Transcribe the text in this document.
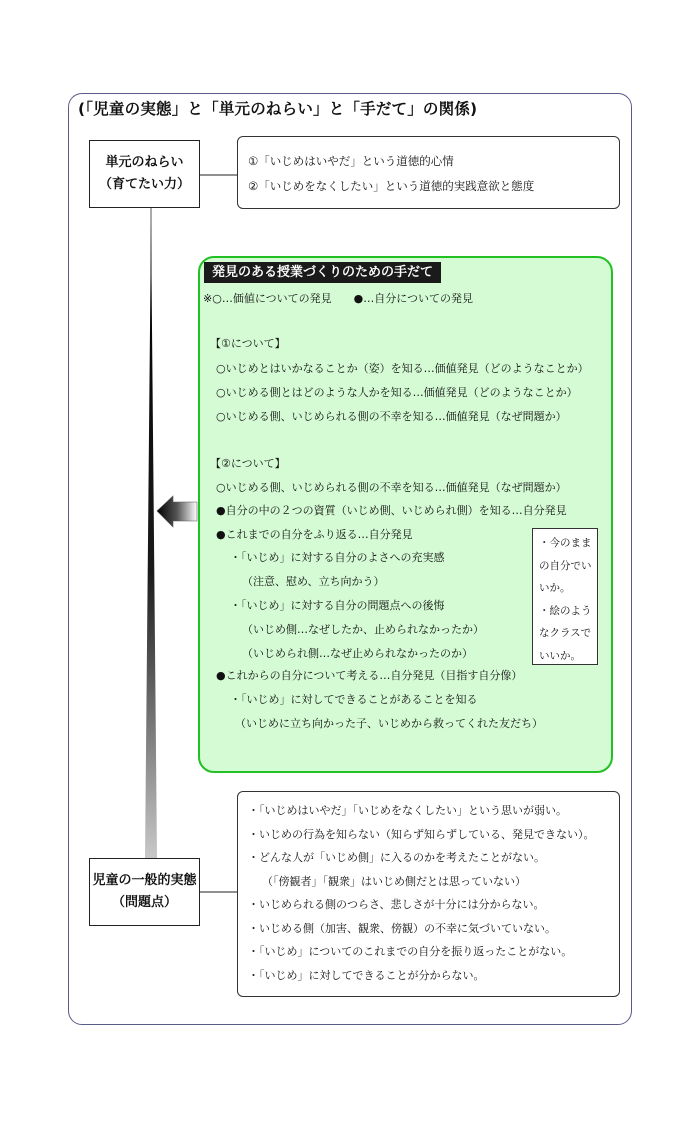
(「児童の実態」と「単元のねらい」と「手だて」の関係)
単元のねらい
（育てたい力）
①「いじめはいやだ」という道徳的心情
②「いじめをなくしたい」という道徳的実践意欲と態度
発見のある授業づくりのための手だて
※○…価値についての発見　　●…自分についての発見
【①について】
○いじめとはいかなることか（姿）を知る…価値発見（どのようなことか）
○いじめる側とはどのような人かを知る…価値発見（どのようなことか）
○いじめる側、いじめられる側の不幸を知る…価値発見（なぜ問題か）
【②について】
○いじめる側、いじめられる側の不幸を知る…価値発見（なぜ問題か）
●自分の中の２つの資質（いじめ側、いじめられ側）を知る…自分発見
●これまでの自分をふり返る…自分発見
・「いじめ」に対する自分のよさへの充実感
（注意、慰め、立ち向かう）
・「いじめ」に対する自分の問題点への後悔
（いじめ側…なぜしたか、止められなかったか）
（いじめられ側…なぜ止められなかったのか）
●これからの自分について考える…自分発見（目指す自分像）
・「いじめ」に対してできることがあることを知る
（いじめに立ち向かった子、いじめから救ってくれた友だち）
・今のまま
の自分でい
いか。
・絵のよう
なクラスで
いいか。
児童の一般的実態
（問題点）
・「いじめはいやだ」「いじめをなくしたい」という思いが弱い。
・いじめの行為を知らない（知らず知らずしている、発見できない）。
・どんな人が「いじめ側」に入るのかを考えたことがない。
（「傍観者」「観衆」はいじめ側だとは思っていない）
・いじめられる側のつらさ、悲しさが十分には分からない。
・いじめる側（加害、観衆、傍観）の不幸に気づいていない。
・「いじめ」についてのこれまでの自分を振り返ったことがない。
・「いじめ」に対してできることが分からない。
